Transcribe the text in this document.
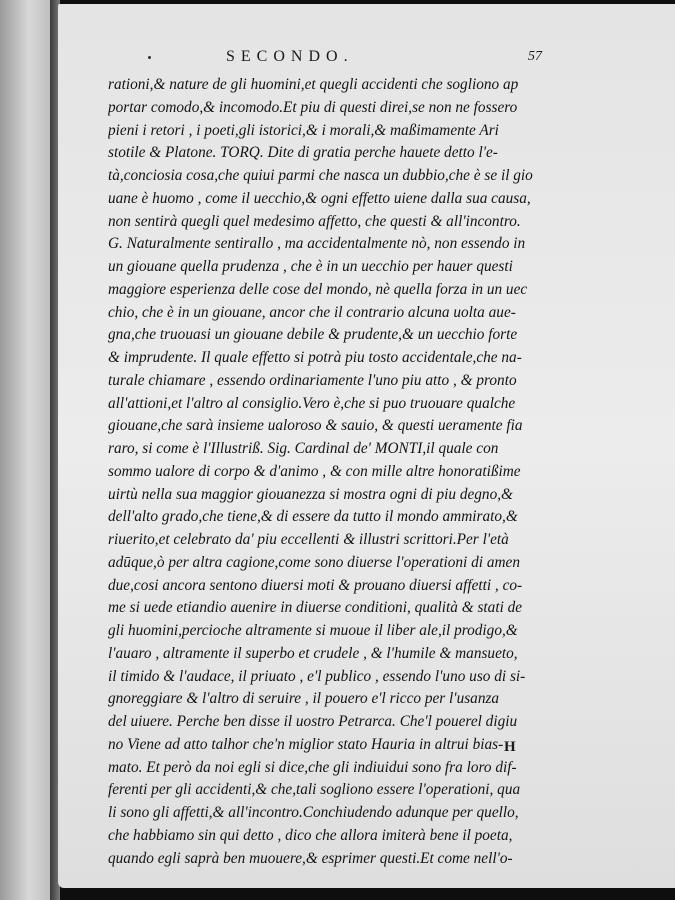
SECONDO.	57
rationi,& nature de gli huomini,et quegli accidenti che sogliono ap
portar comodo,& incomodo.Et piu di questi direi,se non ne fossero
pieni i retori , i poeti,gli istorici,& i morali,& maßimamente Ari
stotile & Platone. TORQ. Dite di gratia perche hauete detto l'e-
tà,conciosia cosa,che quiui parmi che nasca un dubbio,che è se il gio
uane è huomo , come il uecchio,& ogni effetto uiene dalla sua causa,
non sentirà quegli quel medesimo affetto, che questi & all'incontro.
G. Naturalmente sentirallo , ma accidentalmente nò, non essendo in
un giouane quella prudenza , che è in un uecchio per hauer questi
maggiore esperienza delle cose del mondo, nè quella forza in un uec
chio, che è in un giouane, ancor che il contrario alcuna uolta aue-
gna,che truouasi un giouane debile & prudente,& un uecchio forte
& imprudente. Il quale effetto si potrà piu tosto accidentale,che na-
turale chiamare , essendo ordinariamente l'uno piu atto , & pronto
all'attioni,et l'altro al consiglio.Vero è,che si puo truouare qualche
giouane,che sarà insieme ualoroso & sauio, & questi ueramente fia
raro, si come è l'Illustriß. Sig. Cardinal de' MONTI,il quale con
sommo ualore di corpo & d'animo , & con mille altre honoratißime
uirtù nella sua maggior giouanezza si mostra ogni di piu degno,&
dell'alto grado,che tiene,& di essere da tutto il mondo ammirato,&
riuerito,et celebrato da' piu eccellenti & illustri scrittori.Per l'età
adūque,ò per altra cagione,come sono diuerse l'operationi di amen
due,cosi ancora sentono diuersi moti & prouano diuersi affetti , co-
me si uede etiandio auenire in diuerse conditioni, qualità & stati de
gli huomini,percioche altramente si muoue il liber ale,il prodigo,&
l'auaro , altramente il superbo et crudele , & l'humile & mansueto,
il timido & l'audace, il priuato , e'l publico , essendo l'uno uso di si-
gnoreggiare & l'altro di seruire , il pouero e'l ricco per l'usanza
del uiuere. Perche ben disse il uostro Petrarca. Che'l pouerel digiu
no Viene ad atto talhor che'n miglior stato Hauria in altrui bias-
mato. Et però da noi egli si dice,che gli indiuidui sono fra loro dif-
ferenti per gli accidenti,& che,tali sogliono essere l'operationi, qua
li sono gli affetti,& all'incontro.Conchiudendo adunque per quello,
che habbiamo sin qui detto , dico che allora imiterà bene il poeta,
quando egli saprà ben muouere,& esprimer questi.Et come nell'o-
H
